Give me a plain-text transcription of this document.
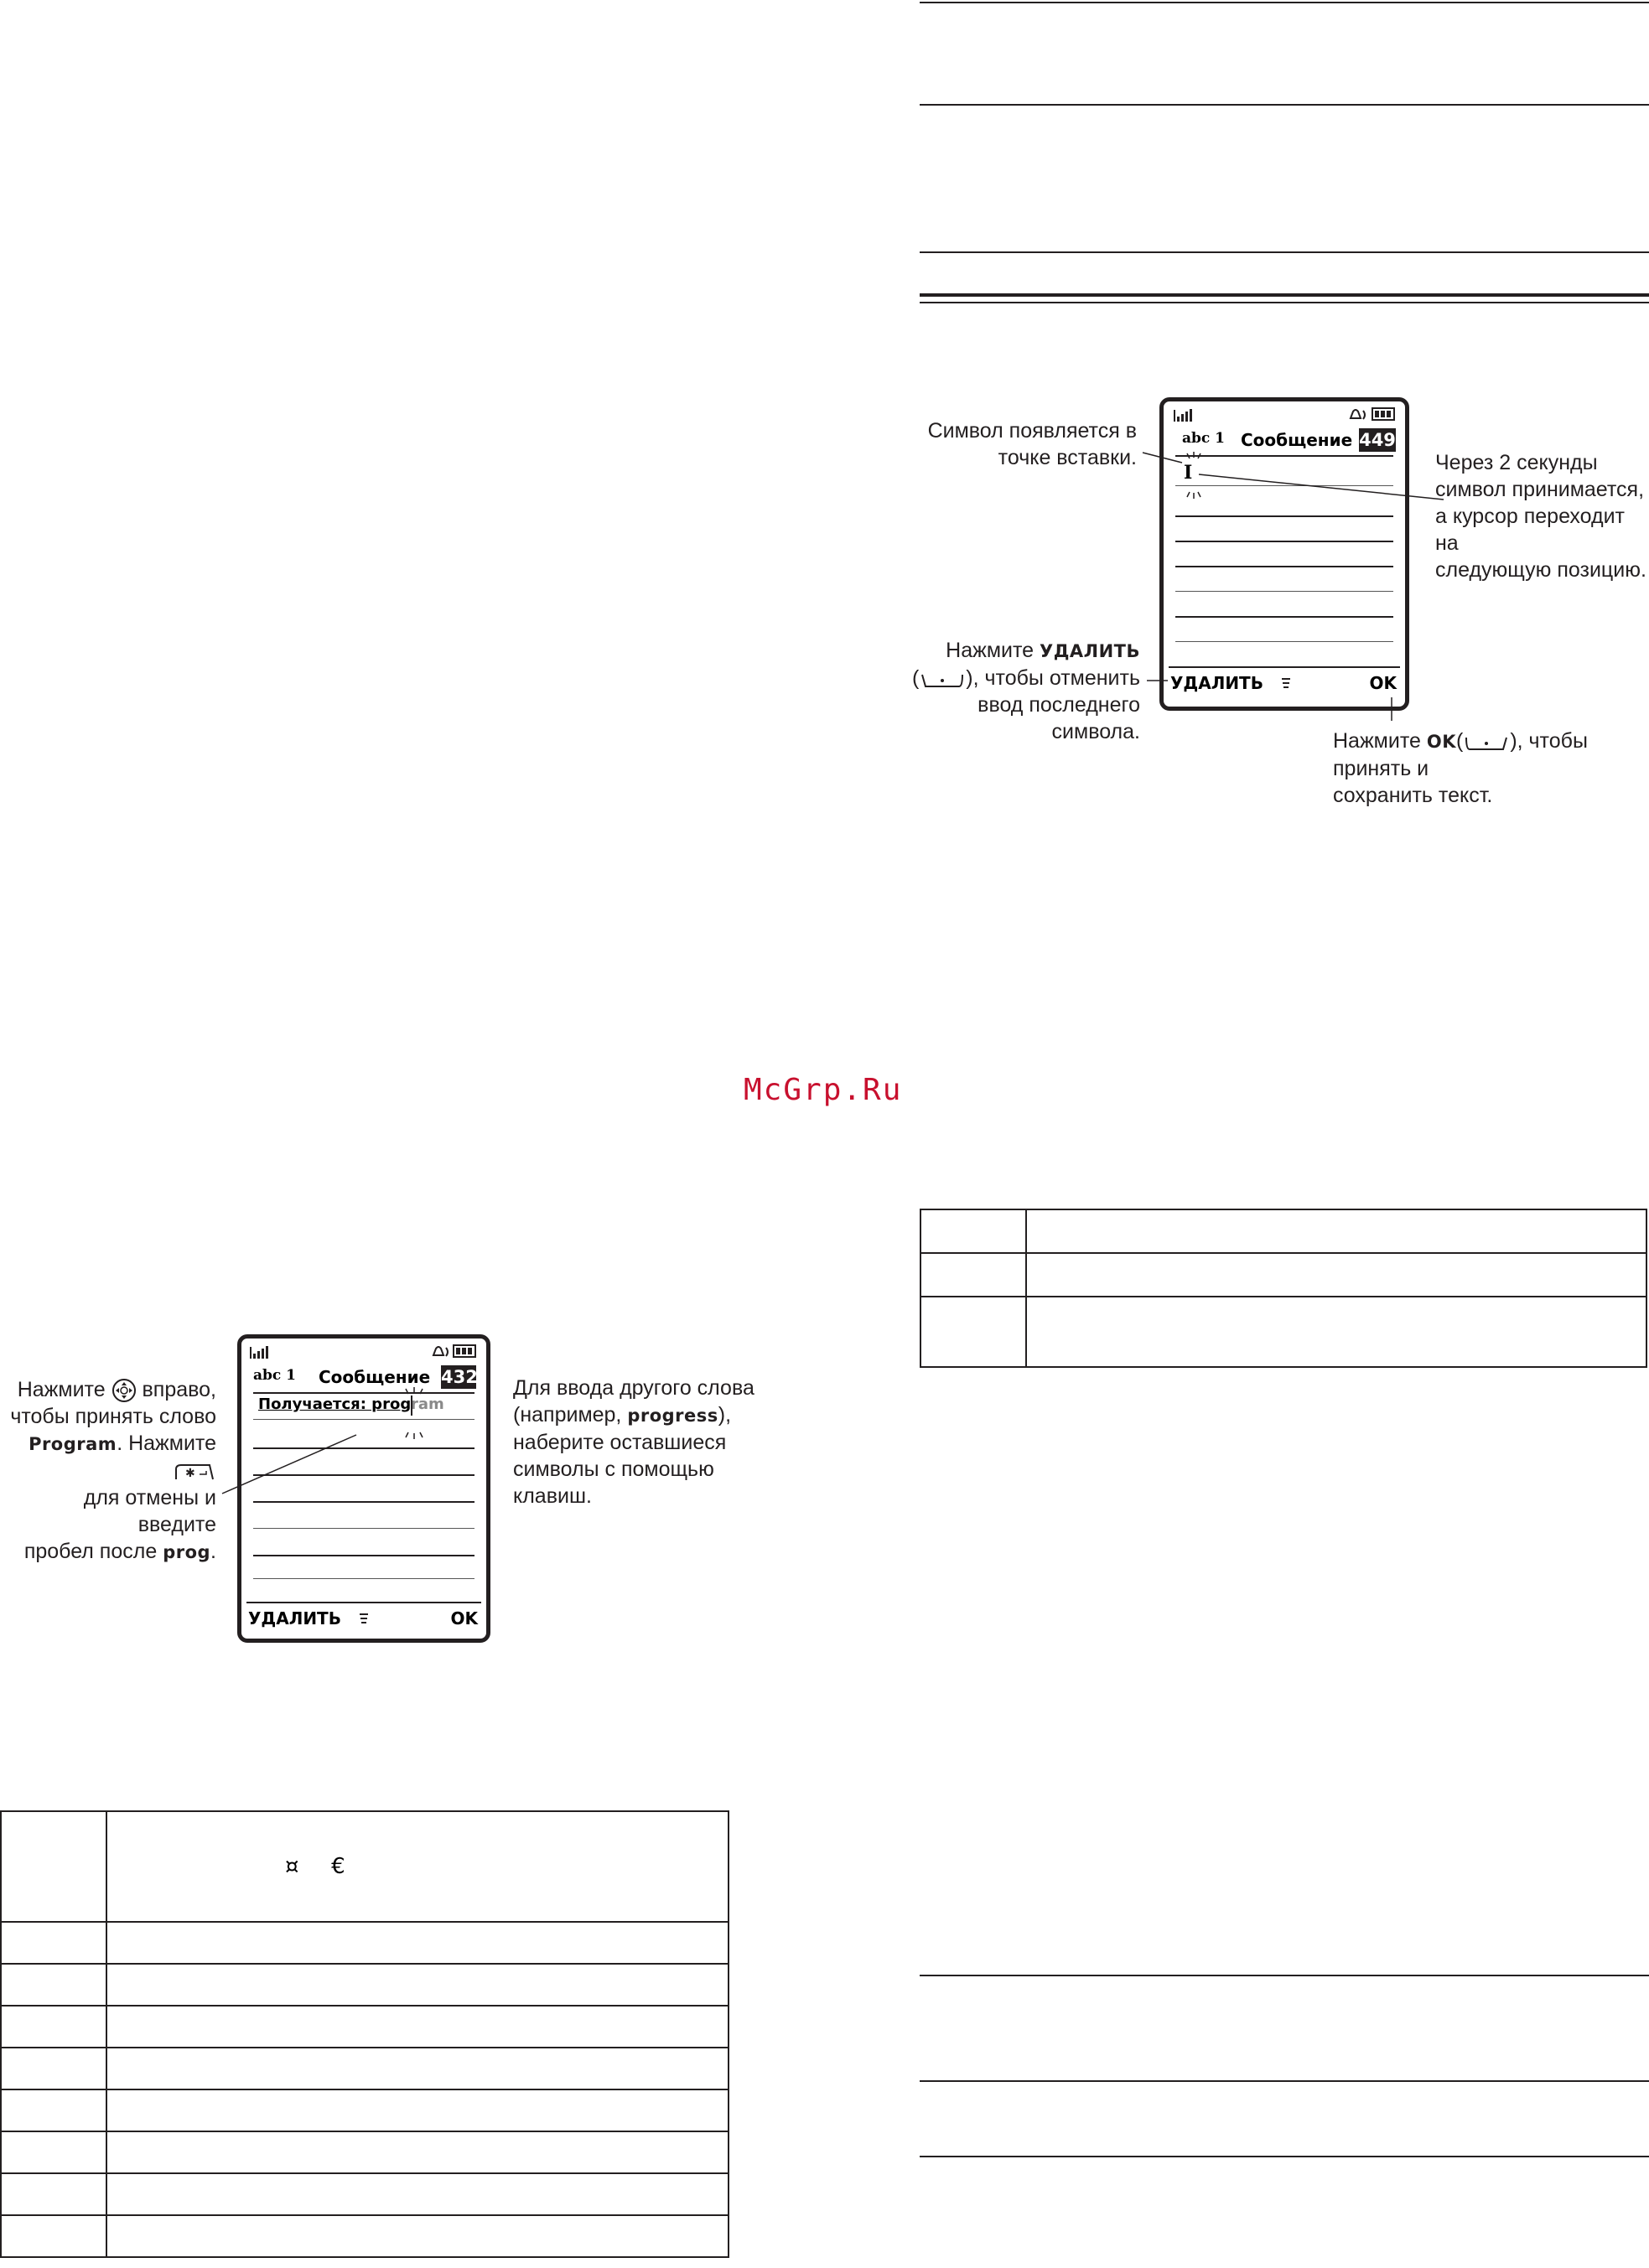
abc 1 Сообщение 449
I
УДАЛИТЬ	OK
Символ появляется в
точке вставки.	Через 2 секунды
символ принимается,
а курсор переходит на
следующую позицию.
Нажмите УДАЛИТЬ
( ), чтобы отменить
ввод последнего
символа.	Нажмите OK( ), чтобы принять и
сохранить текст.
McGrp.Ru

abc 1 Сообщение 432
Получается: prog ram
УДАЛИТЬ	OK
Нажмите  вправо,
чтобы принять слово
Program. Нажмите
✱
для отмены и введите
пробел после prog.
Для ввода другого слова
(например, progress),
наберите оставшиеся
символы с помощью
клавиш.

	¤ €
